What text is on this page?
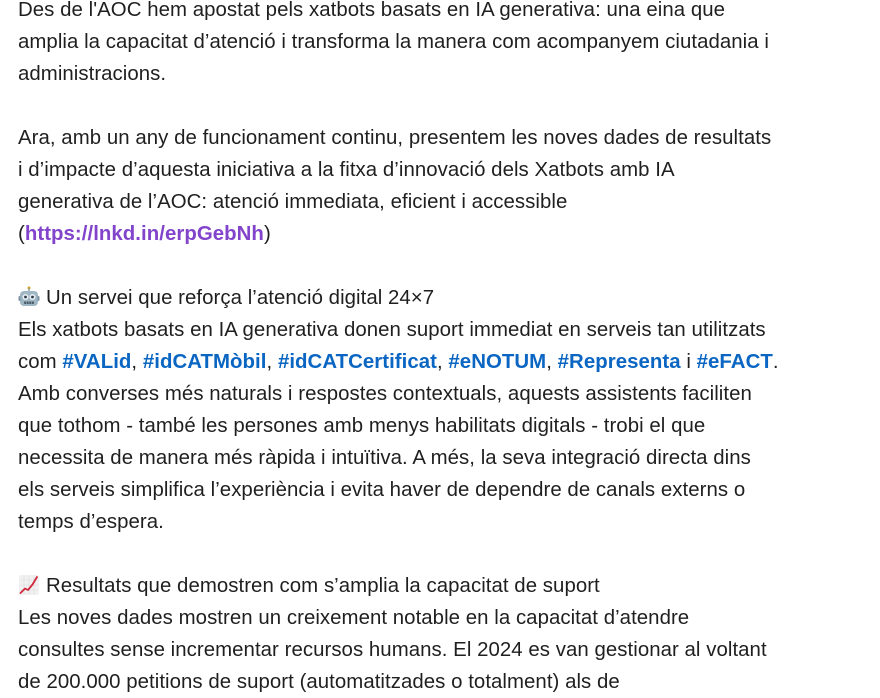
Des de l'AOC hem apostat pels xatbots basats en IA generativa: una eina que
amplia la capacitat d’atenció i transforma la manera com acompanyem ciutadania i
administracions.
Ara, amb un any de funcionament continu, presentem les noves dades de resultats
i d’impacte d’aquesta iniciativa a la fitxa d’innovació dels Xatbots amb IA
generativa de l’AOC: atenció immediata, eficient i accessible
(https://lnkd.in/erpGebNh)
Un servei que reforça l’atenció digital 24×7
Els xatbots basats en IA generativa donen suport immediat en serveis tan utilitzats
com #VALid, #idCATMòbil, #idCATCertificat, #eNOTUM, #Representa i #eFACT.
Amb converses més naturals i respostes contextuals, aquests assistents faciliten
que tothom - també les persones amb menys habilitats digitals - trobi el que
necessita de manera més ràpida i intuïtiva. A més, la seva integració directa dins
els serveis simplifica l’experiència i evita haver de dependre de canals externs o
temps d’espera.
Resultats que demostren com s’amplia la capacitat de suport
Les noves dades mostren un creixement notable en la capacitat d’atendre
consultes sense incrementar recursos humans. El 2024 es van gestionar al voltant
de 200.000 petitions de suport (automatitzades o totalment) als de
